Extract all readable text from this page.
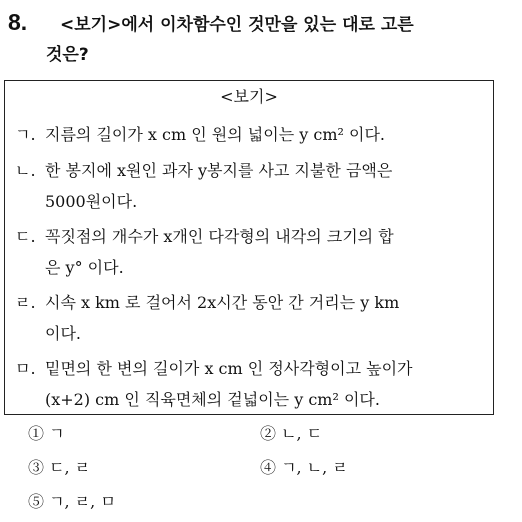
8. <보기>에서 이차함수인 것만을 있는 대로 고른
것은?
<보기>
ㄱ. 지름의 길이가 x cm 인 원의 넓이는 y cm² 이다.
ㄴ. 한 봉지에 x원인 과자 y봉지를 사고 지불한 금액은
5000원이다.
ㄷ. 꼭짓점의 개수가 x개인 다각형의 내각의 크기의 합
은 y° 이다.
ㄹ. 시속 x km 로 걸어서 2x시간 동안 간 거리는 y km
이다.
ㅁ. 밑면의 한 변의 길이가 x cm 인 정사각형이고 높이가
(x+2) cm 인 직육면체의 겉넓이는 y cm² 이다.
① ㄱ	② ㄴ, ㄷ
③ ㄷ, ㄹ	④ ㄱ, ㄴ, ㄹ
⑤ ㄱ, ㄹ, ㅁ
